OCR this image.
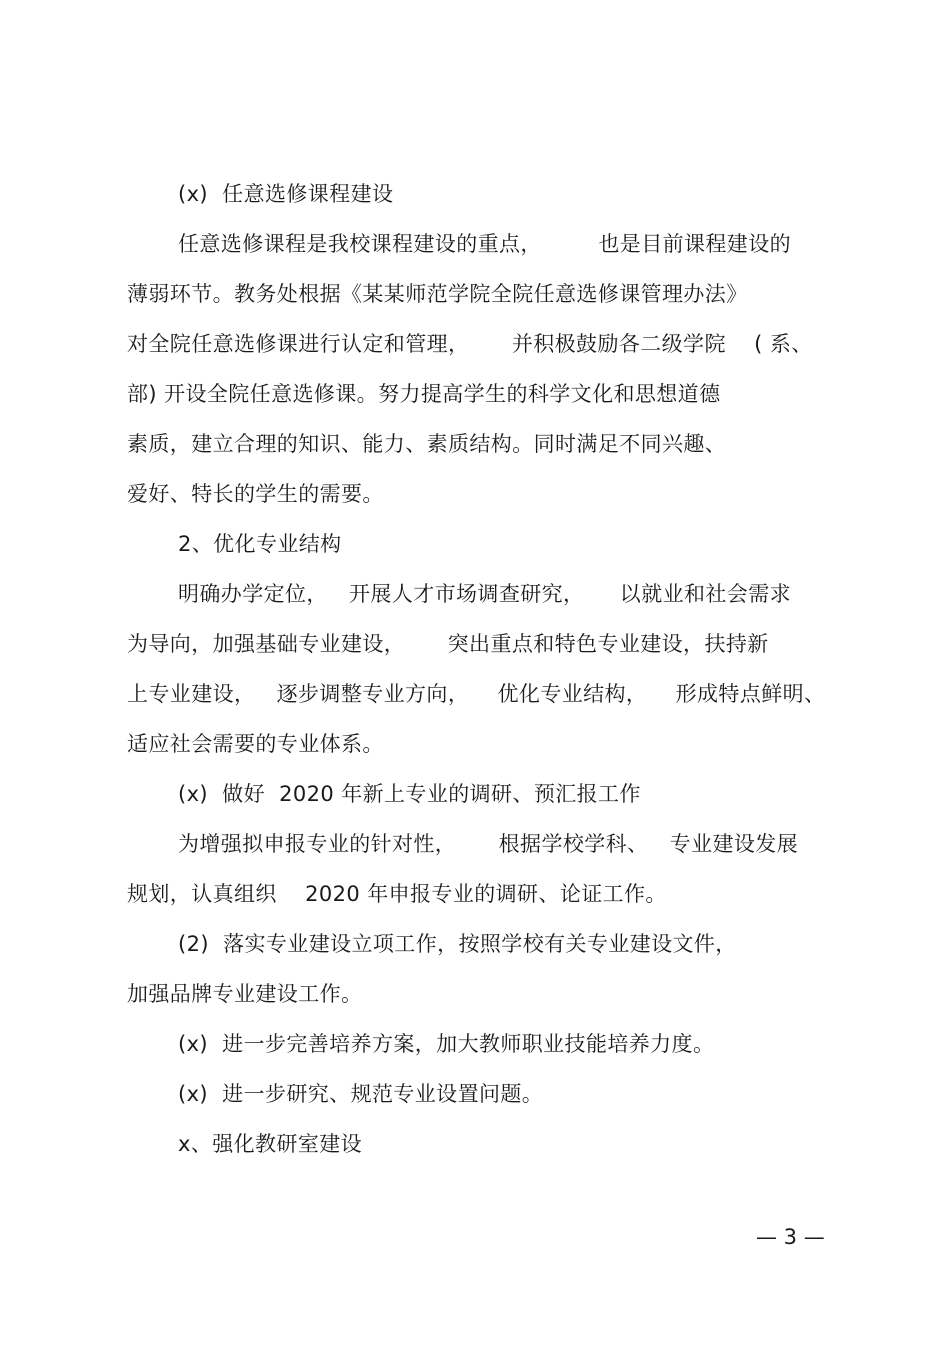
(x)  任意选修课程建设
任意选修课程是我校课程建设的重点，        也是目前课程建设的
薄弱环节。教务处根据《某某师范学院全院任意选修课管理办法》
对全院任意选修课进行认定和管理，      并积极鼓励各二级学院    ( 系、
部) 开设全院任意选修课。努力提高学生的科学文化和思想道德
素质，建立合理的知识、能力、素质结构。同时满足不同兴趣、
爱好、特长的学生的需要。
2、优化专业结构
明确办学定位，   开展人才市场调查研究，     以就业和社会需求
为导向，加强基础专业建设，      突出重点和特色专业建设，扶持新
上专业建设，   逐步调整专业方向，    优化专业结构，    形成特点鲜明、
适应社会需要的专业体系。
(x)  做好  2020 年新上专业的调研、预汇报工作
为增强拟申报专业的针对性，      根据学校学科、   专业建设发展
规划，认真组织    2020 年申报专业的调研、论证工作。
(2)  落实专业建设立项工作，按照学校有关专业建设文件，
加强品牌专业建设工作。
(x)  进一步完善培养方案，加大教师职业技能培养力度。
(x)  进一步研究、规范专业设置问题。
x、强化教研室建设
— 3 —
